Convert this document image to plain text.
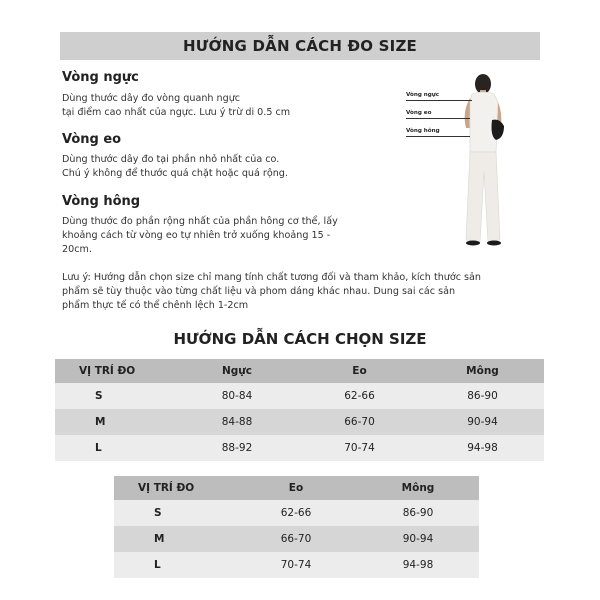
HƯỚNG DẪN CÁCH ĐO SIZE
Vòng ngực
Dùng thước dây đo vòng quanh ngực
tại điểm cao nhất của ngực. Lưu ý trừ di 0.5 cm
Vòng eo
Dùng thước dây đo tại phần nhỏ nhất của co.
Chú ý không để thước quá chặt hoặc quá rộng.
Vòng hông
Dùng thước đo phần rộng nhất của phần hông cơ thể, lấy
khoảng cách từ vòng eo tự nhiên trở xuống khoảng 15 -
20cm.
Vòng ngực
Vòng eo
Vòng hông
Lưu ý: Hướng dẫn chọn size chỉ mang tính chất tương đối và tham khảo, kích thước sản
phẩm sẽ tùy thuộc vào từng chất liệu và phom dáng khác nhau. Dung sai các sản
phẩm thực tế có thể chênh lệch 1-2cm
HƯỚNG DẪN CÁCH CHỌN SIZE
VỊ TRÍ ĐO	Ngực	Eo	Mông
S	80-84	62-66	86-90
M	84-88	66-70	90-94
L	88-92	70-74	94-98
VỊ TRÍ ĐO	Eo	Mông
S	62-66	86-90
M	66-70	90-94
L	70-74	94-98
